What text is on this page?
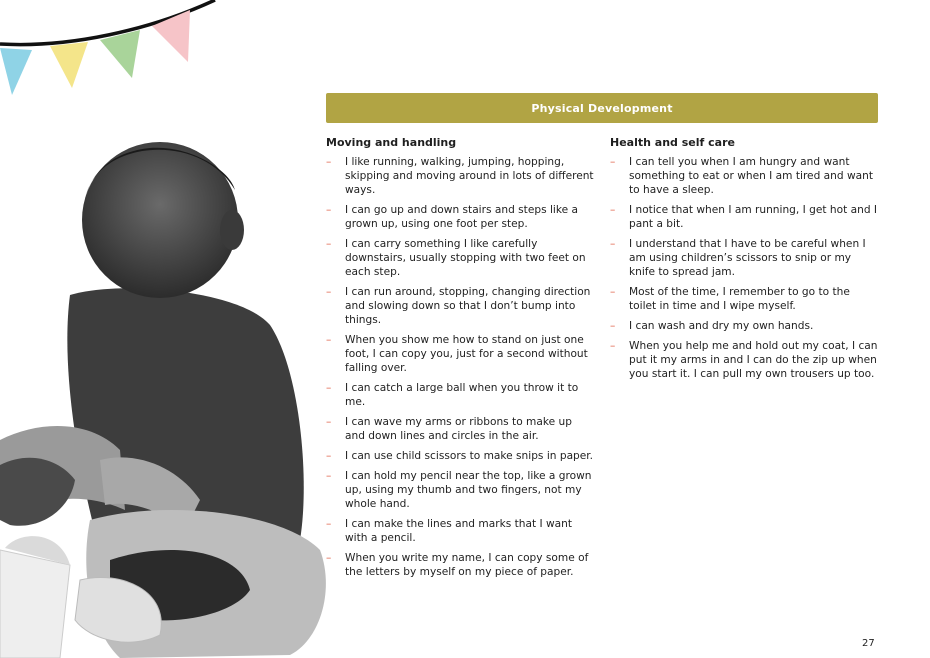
Physical Development
Moving and handling
– I like running, walking, jumping, hopping, skipping and moving around in lots of different ways.
– I can go up and down stairs and steps like a grown up, using one foot per step.
– I can carry something I like carefully downstairs, usually stopping with two feet on each step.
– I can run around, stopping, changing direction and slowing down so that I don’t bump into things.
– When you show me how to stand on just one foot, I can copy you, just for a second without falling over.
– I can catch a large ball when you throw it to me.
– I can wave my arms or ribbons to make up and down lines and circles in the air.
– I can use child scissors to make snips in paper.
– I can hold my pencil near the top, like a grown up, using my thumb and two fingers, not my whole hand.
– I can make the lines and marks that I want with a pencil.
– When you write my name, I can copy some of the letters by myself on my piece of paper.
Health and self care
– I can tell you when I am hungry and want something to eat or when I am tired and want to have a sleep.
– I notice that when I am running, I get hot and I pant a bit.
– I understand that I have to be careful when I am using children’s scissors to snip or my knife to spread jam.
– Most of the time, I remember to go to the toilet in time and I wipe myself.
– I can wash and dry my own hands.
– When you help me and hold out my coat, I can put it my arms in and I can do the zip up when you start it. I can pull my own trousers up too.
27
